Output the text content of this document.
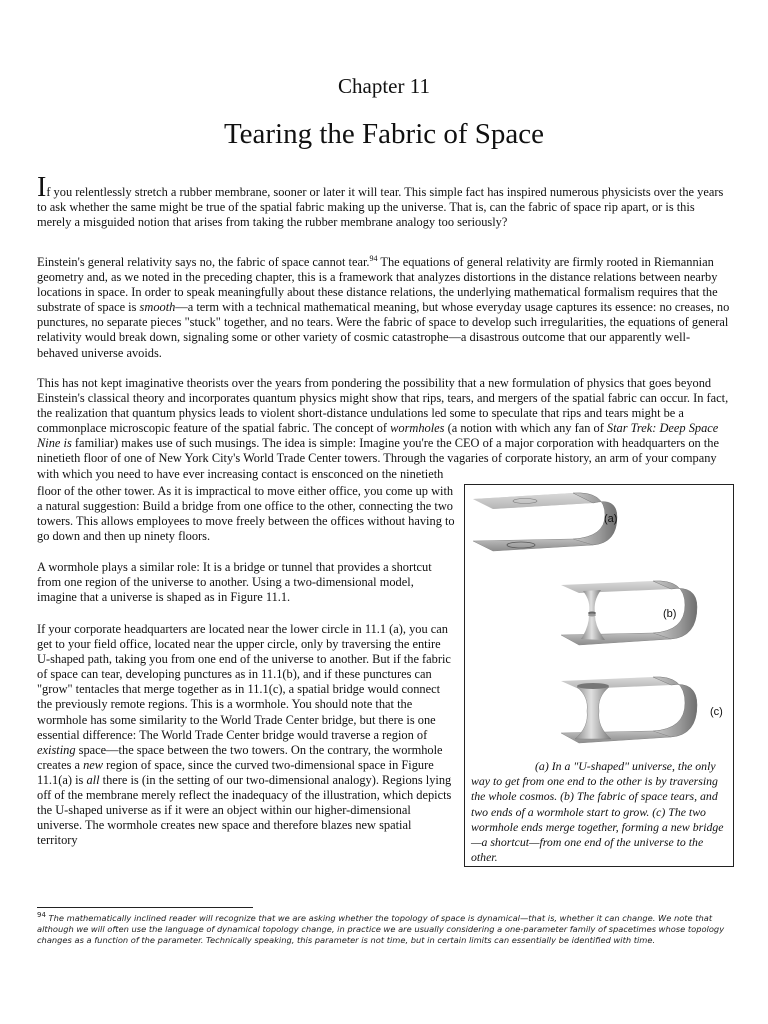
Chapter 11
Tearing the Fabric of Space

If you relentlessly stretch a rubber membrane, sooner or later it will tear. This simple fact has inspired numerous physicists over the years to ask whether the same might be true of the spatial fabric making up the universe. That is, can the fabric of space rip apart, or is this merely a misguided notion that arises from taking the rubber membrane analogy too seriously?

Einstein's general relativity says no, the fabric of space cannot tear.$^{94}$ The equations of general relativity are firmly rooted in Riemannian geometry and, as we noted in the preceding chapter, this is a framework that analyzes distortions in the distance relations between nearby locations in space. In order to speak meaningfully about these distance relations, the underlying mathematical formalism requires that the substrate of space is smooth—a term with a technical mathematical meaning, but whose everyday usage captures its essence: no creases, no punctures, no separate pieces "stuck" together, and no tears. Were the fabric of space to develop such irregularities, the equations of general relativity would break down, signaling some or other variety of cosmic catastrophe—a disastrous outcome that our apparently well-behaved universe avoids.

This has not kept imaginative theorists over the years from pondering the possibility that a new formulation of physics that goes beyond Einstein's classical theory and incorporates quantum physics might show that rips, tears, and mergers of the spatial fabric can occur. In fact, the realization that quantum physics leads to violent short-distance undulations led some to speculate that rips and tears might be a commonplace microscopic feature of the spatial fabric. The concept of wormholes (a notion with which any fan of Star Trek: Deep Space Nine is familiar) makes use of such musings. The idea is simple: Imagine you're the CEO of a major corporation with headquarters on the ninetieth floor of one of New York City's World Trade Center towers. Through the vagaries of corporate history, an arm of your company with which you need to have ever increasing contact is ensconced on the ninetieth

floor of the other tower. As it is impractical to move either office, you come up with a natural suggestion: Build a bridge from one office to the other, connecting the two towers. This allows employees to move freely between the offices without having to go down and then up ninety floors.

A wormhole plays a similar role: It is a bridge or tunnel that provides a shortcut from one region of the universe to another. Using a two-dimensional model, imagine that a universe is shaped as in Figure 11.1.

If your corporate headquarters are located near the lower circle in 11.1 (a), you can get to your field office, located near the upper circle, only by traversing the entire U-shaped path, taking you from one end of the universe to another. But if the fabric of space can tear, developing punctures as in 11.1(b), and if these punctures can "grow" tentacles that merge together as in 11.1(c), a spatial bridge would connect the previously remote regions. This is a wormhole. You should note that the wormhole has some similarity to the World Trade Center bridge, but there is one essential difference: The World Trade Center bridge would traverse a region of existing space—the space between the two towers. On the contrary, the wormhole creates a new region of space, since the curved two-dimensional space in Figure 11.1(a) is all there is (in the setting of our two-dimensional analogy). Regions lying off of the membrane merely reflect the inadequacy of the illustration, which depicts the U-shaped universe as if it were an object within our higher-dimensional universe. The wormhole creates new space and therefore blazes new spatial territory

(a)
(b)
(c)
(a) In a "U-shaped" universe, the only way to get from one end to the other is by traversing the whole cosmos. (b) The fabric of space tears, and two ends of a wormhole start to grow. (c) The two wormhole ends merge together, forming a new bridge—a shortcut—from one end of the universe to the other.
$^{94}$ The mathematically inclined reader will recognize that we are asking whether the topology of space is dynamical—that is, whether it can change. We note that although we will often use the language of dynamical topology change, in practice we are usually considering a one-parameter family of spacetimes whose topology changes as a function of the parameter. Technically speaking, this parameter is not time, but in certain limits can essentially be identified with time.
